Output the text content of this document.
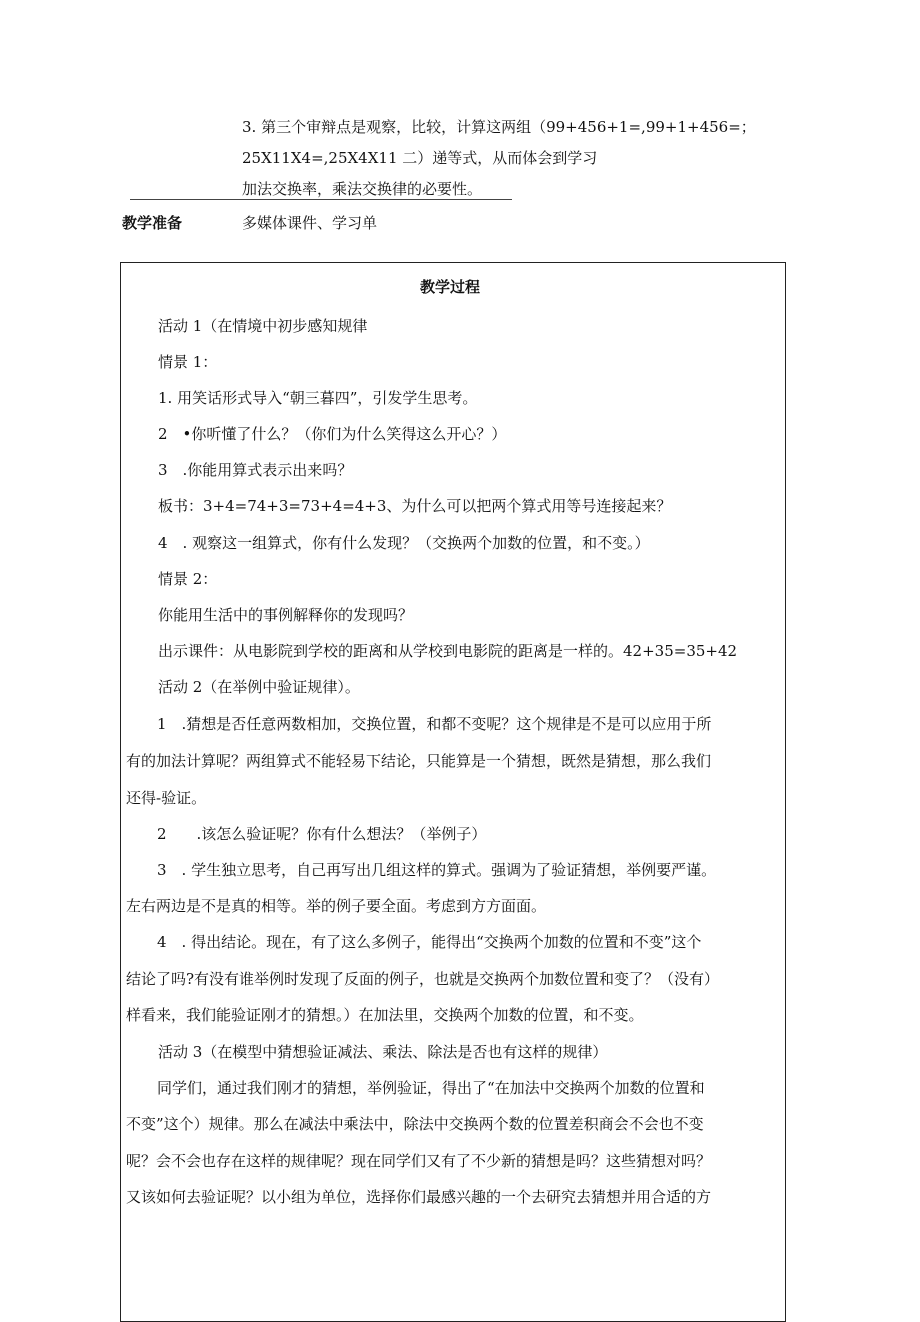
3. 第三个审辩点是观察，比较，计算这两组（99+456+1=,99+1+456=；
25X11X4=,25X4X11 二）递等式，从而体会到学习
加法交换率，乘法交换律的必要性。
教学准备	多媒体课件、学习单
教学过程
活动 1（在情境中初步感知规律
情景 1：
1. 用笑话形式导入“朝三暮四”，引发学生思考。
2　•你听懂了什么？（你们为什么笑得这么开心？）
3　.你能用算式表示出来吗？
板书：3+4=74+3=73+4=4+3、为什么可以把两个算式用等号连接起来？
4　. 观察这一组算式，你有什么发现？（交换两个加数的位置，和不变。）
情景 2：
你能用生活中的事例解释你的发现吗？
出示课件：从电影院到学校的距离和从学校到电影院的距离是一样的。42+35=35+42
活动 2（在举例中验证规律）。
　1　.猜想是否任意两数相加，交换位置，和都不变呢？这个规律是不是可以应用于所
有的加法计算呢？两组算式不能轻易下结论，只能算是一个猜想，既然是猜想，那么我们
还得-验证。
　2　　.该怎么验证呢？你有什么想法？（举例子）
　3　. 学生独立思考，自己再写出几组这样的算式。强调为了验证猜想，举例要严谨。
左右两边是不是真的相等。举的例子要全面。考虑到方方面面。
　4　. 得出结论。现在，有了这么多例子，能得出“交换两个加数的位置和不变”这个
结论了吗?有没有谁举例时发现了反面的例子，也就是交换两个加数位置和变了？（没有）
样看来，我们能验证刚才的猜想。）在加法里，交换两个加数的位置，和不变。
活动 3（在模型中猜想验证减法、乘法、除法是否也有这样的规律）
　同学们，通过我们刚才的猜想，举例验证，得出了“在加法中交换两个加数的位置和
不变”这个）规律。那么在减法中乘法中，除法中交换两个数的位置差积商会不会也不变
呢？会不会也存在这样的规律呢？现在同学们又有了不少新的猜想是吗？这些猜想对吗？
又该如何去验证呢？以小组为单位，选择你们最感兴趣的一个去研究去猜想并用合适的方
